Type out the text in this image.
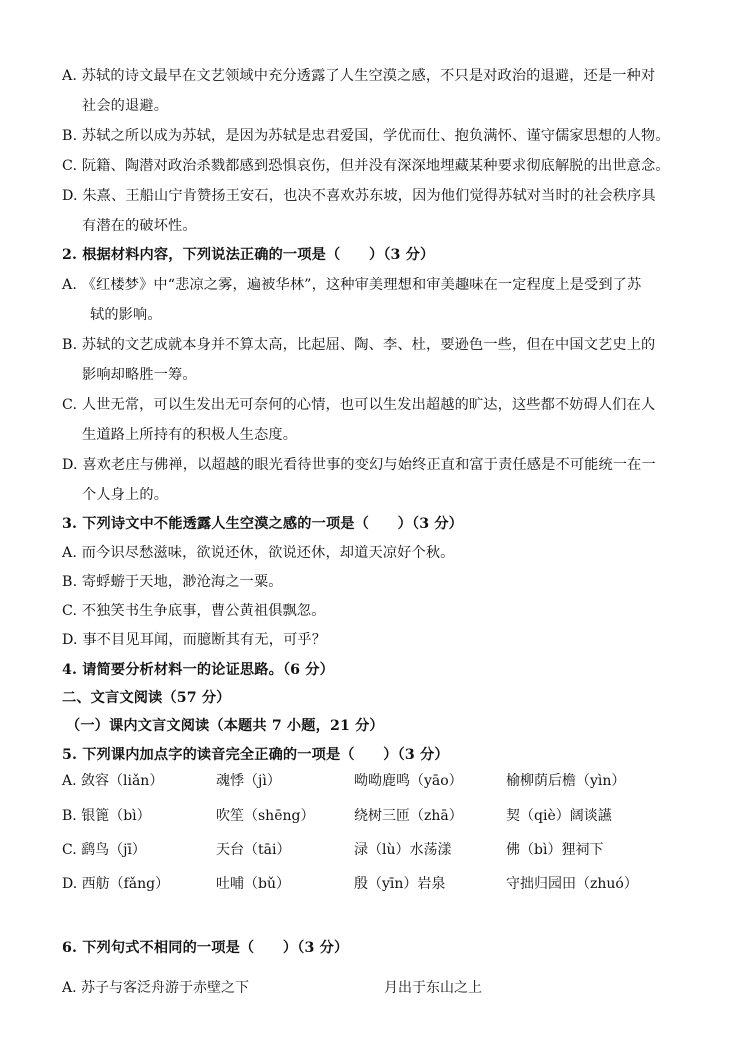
A. 苏轼的诗文最早在文艺领域中充分透露了人生空漠之感，不只是对政治的退避，还是一种对
社会的退避。
B. 苏轼之所以成为苏轼，是因为苏轼是忠君爱国，学优而仕、抱负满怀、谨守儒家思想的人物。
C. 阮籍、陶潜对政治杀戮都感到恐惧哀伤，但并没有深深地埋藏某种要求彻底解脱的出世意念。
D. 朱熹、王船山宁肯赞扬王安石，也决不喜欢苏东坡，因为他们觉得苏轼对当时的社会秩序具
有潜在的破坏性。
2. 根据材料内容，下列说法正确的一项是（　　）（3 分）
A. 《红楼梦》中“悲凉之雾，遍被华林”，这种审美理想和审美趣味在一定程度上是受到了苏
轼的影响。
B. 苏轼的文艺成就本身并不算太高，比起屈、陶、李、杜，要逊色一些，但在中国文艺史上的
影响却略胜一筹。
C. 人世无常，可以生发出无可奈何的心情，也可以生发出超越的旷达，这些都不妨碍人们在人
生道路上所持有的积极人生态度。
D. 喜欢老庄与佛禅，以超越的眼光看待世事的变幻与始终正直和富于责任感是不可能统一在一
个人身上的。
3. 下列诗文中不能透露人生空漠之感的一项是（　　）（3 分）
A. 而今识尽愁滋味，欲说还休，欲说还休，却道天凉好个秋。
B. 寄蜉蝣于天地，渺沧海之一粟。
C. 不独笑书生争底事，曹公黄祖俱飘忽。
D. 事不目见耳闻，而臆断其有无，可乎？
4. 请简要分析材料一的论证思路。（6 分）
二、文言文阅读（57 分）
（一）课内文言文阅读（本题共 7 小题，21 分）
5. 下列课内加点字的读音完全正确的一项是（　　）（3 分）
A. 敛容（liǎn）	魂悸（jì）	呦呦鹿鸣（yāo）	榆柳荫后檐（yìn）
B. 银篦（bì）	吹笙（shēng）	绕树三匝（zhā）	契（qiè）阔谈讌
C. 鹞鸟（jī）	天台（tāi）	渌（lù）水荡漾	佛（bì）狸祠下
D. 西舫（fǎng）	吐哺（bǔ）	殷（yīn）岩泉	守拙归园田（zhuó）
6. 下列句式不相同的一项是（　　）（3 分）
A. 苏子与客泛舟游于赤壁之下	月出于东山之上
